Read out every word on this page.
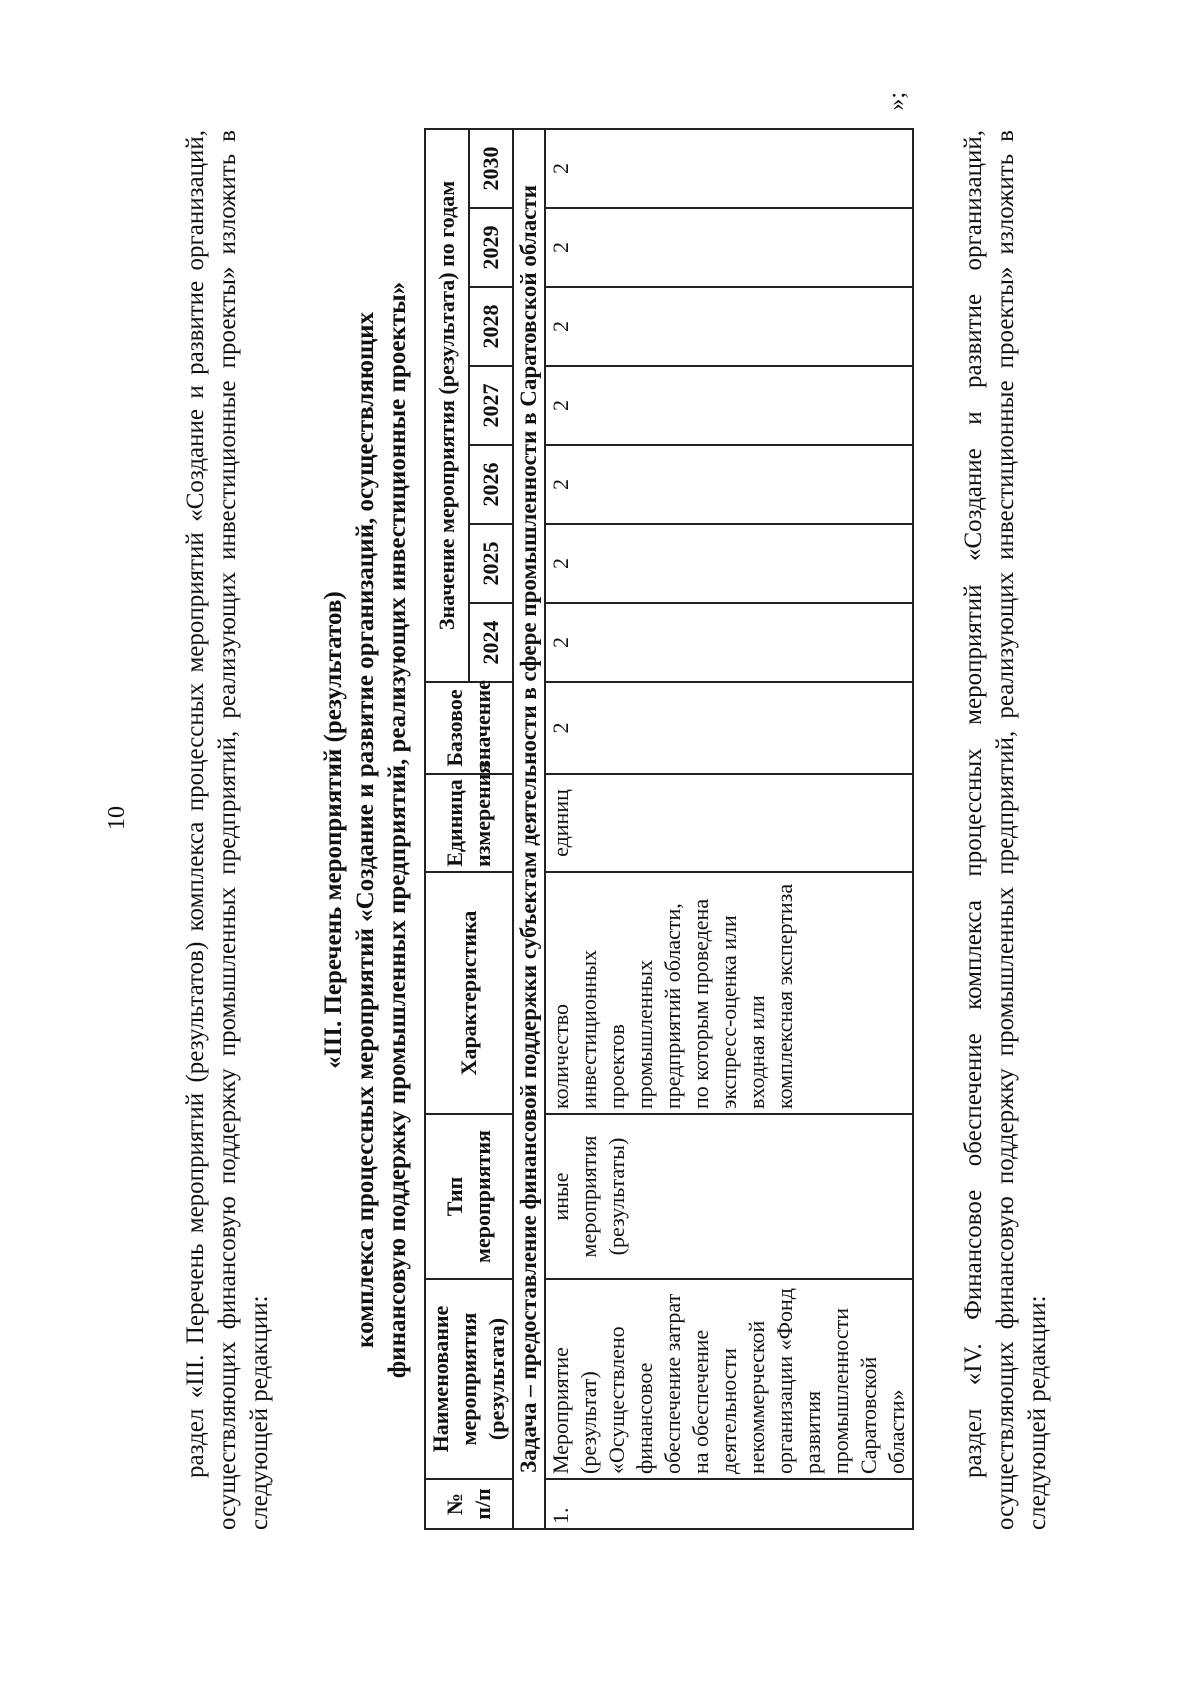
10 раздел «III. Перечень мероприятий (результатов) комплекса процессных мероприятий «Создание и развитие организаций, осуществляющих финансовую поддержку промышленных предприятий, реализующих инвестиционные проекты» изложить в следующей редакции:

«III. Перечень мероприятий (результатов) комплекса процессных мероприятий «Создание и развитие организаций, осуществляющих финансовую поддержку промышленных предприятий, реализующих инвестиционные проекты»

№ п/п	Наименование мероприятия (результата)	Тип мероприятия	Характеристика	Единица измерения	Базовое значение	Значение мероприятия (результата) по годам						
						2024	2025	2026	2027	2028	2029	2030
Задача – предоставление финансовой поддержки субъектам деятельности в сфере промышленности в Саратовской области												
1.	Мероприятие (результат) «Осуществлено финансовое обеспечение затрат на обеспечение деятельности некоммерческой организации «Фонд развития промышленности Саратовской области»	иные мероприятия (результаты)	количество инвестиционных проектов промышленных предприятий области, по которым проведена экспресс-оценка или входная или комплексная экспертиза	единиц	2	2	2	2	2	2	2	2
»;

раздел «IV. Финансовое обеспечение комплекса процессных мероприятий «Создание и развитие организаций, осуществляющих финансовую поддержку промышленных предприятий, реализующих инвестиционные проекты» изложить в следующей редакции:
